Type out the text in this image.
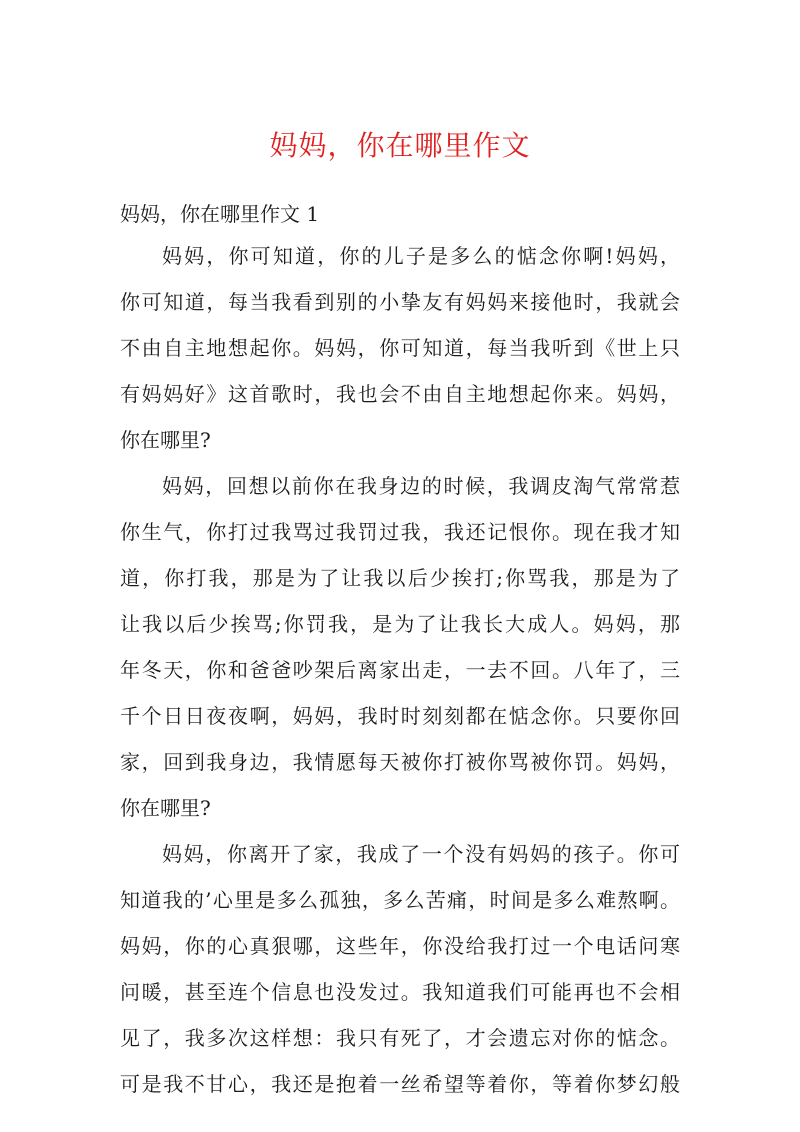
妈妈，你在哪里作文
妈妈，你在哪里作文 1
妈妈，你可知道，你的儿子是多么的惦念你啊!妈妈，
你可知道，每当我看到别的小挚友有妈妈来接他时，我就会
不由自主地想起你。妈妈，你可知道，每当我听到《世上只
有妈妈好》这首歌时，我也会不由自主地想起你来。妈妈，
你在哪里?
妈妈，回想以前你在我身边的时候，我调皮淘气常常惹
你生气，你打过我骂过我罚过我，我还记恨你。现在我才知
道，你打我，那是为了让我以后少挨打;你骂我，那是为了
让我以后少挨骂;你罚我，是为了让我长大成人。妈妈，那
年冬天，你和爸爸吵架后离家出走，一去不回。八年了，三
千个日日夜夜啊，妈妈，我时时刻刻都在惦念你。只要你回
家，回到我身边，我情愿每天被你打被你骂被你罚。妈妈，
你在哪里?
妈妈，你离开了家，我成了一个没有妈妈的孩子。你可
知道我的’心里是多么孤独，多么苦痛，时间是多么难熬啊。
妈妈，你的心真狠哪，这些年，你没给我打过一个电话问寒
问暖，甚至连个信息也没发过。我知道我们可能再也不会相
见了，我多次这样想：我只有死了，才会遗忘对你的惦念。
可是我不甘心，我还是抱着一丝希望等着你，等着你梦幻般
